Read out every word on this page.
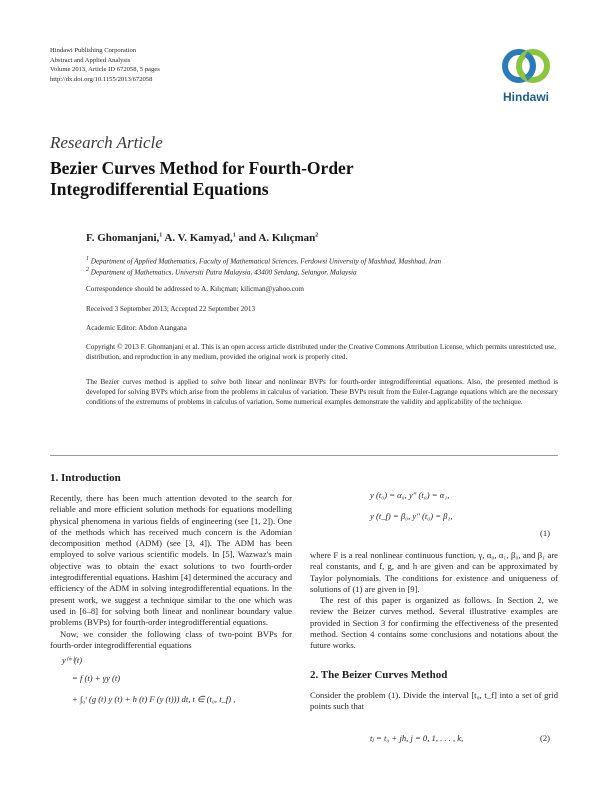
Hindawi Publishing Corporation
Abstract and Applied Analysis
Volume 2013, Article ID 672058, 5 pages
http://dx.doi.org/10.1155/2013/672058
Hindawi
Research Article
Bezier Curves Method for Fourth-Order Integrodifferential Equations
F. Ghomanjani,$^1$ A. V. Kamyad,$^1$ and A. Kılıçman$^2$
$^1$ Department of Applied Mathematics, Faculty of Mathematical Sciences, Ferdowsi University of Mashhad, Mashhad, Iran
$^2$ Department of Mathematics, Universiti Putra Malaysia, 43400 Serdang, Selangor, Malaysia
Correspondence should be addressed to A. Kılıçman; kilicman@yahoo.com
Received 3 September 2013; Accepted 22 September 2013
Academic Editor: Abdon Atangana
Copyright © 2013 F. Ghomanjani et al. This is an open access article distributed under the Creative Commons Attribution License, which permits unrestricted use, distribution, and reproduction in any medium, provided the original work is properly cited.
The Bezier curves method is applied to solve both linear and nonlinear BVPs for fourth-order integrodifferential equations. Also, the presented method is developed for solving BVPs which arise from the problems in calculus of variation. These BVPs result from the Euler-Lagrange equations which are the necessary conditions of the extremums of problems in calculus of variation. Some numerical examples demonstrate the validity and applicability of the technique.
1. Introduction

Recently, there has been much attention devoted to the search for reliable and more efficient solution methods for equations modelling physical phenomena in various fields of engineering (see [1, 2]). One of the methods which has received much concern is the Adomian decomposition method (ADM) (see [3, 4]). The ADM has been employed to solve various scientific models. In [5], Wazwaz's main objective was to obtain the exact solutions to two fourth-order integrodifferential equations. Hashim [4] determined the accuracy and efficiency of the ADM in solving integrodifferential equations. In the present work, we suggest a technique similar to the one which was used in [6–8] for solving both linear and nonlinear boundary value problems (BVPs) for fourth-order integrodifferential equations.

Now, we consider the following class of two-point BVPs for fourth-order integrodifferential equations

y⁽ⁱᵛ⁾(t)
= f (t) + γy (t)
+ ∫₀ᵗ (g (t) y (t) + h (t) F (y (t))) dt, t ∈ (t₀, t_f) ,
y (t₀) = α₀, y″ (t₀) = α₁,
y (t_f) = β₀, y″ (t₀) = β₁,
(1)

where F is a real nonlinear continuous function, γ, α₀, α₁, β₀, and β₁ are real constants, and f, g, and h are given and can be approximated by Taylor polynomials. The conditions for existence and uniqueness of solutions of (1) are given in [9].

The rest of this paper is organized as follows. In Section 2, we review the Beizer curves method. Several illustrative examples are provided in Section 3 for confirming the effectiveness of the presented method. Section 4 contains some conclusions and notations about the future works.

2. The Beizer Curves Method
Consider the problem (1). Divide the interval [t₀, t_f] into a set of grid points such that
tⱼ = t₀ + jh, j = 0, 1, . . . , k,	(2)
